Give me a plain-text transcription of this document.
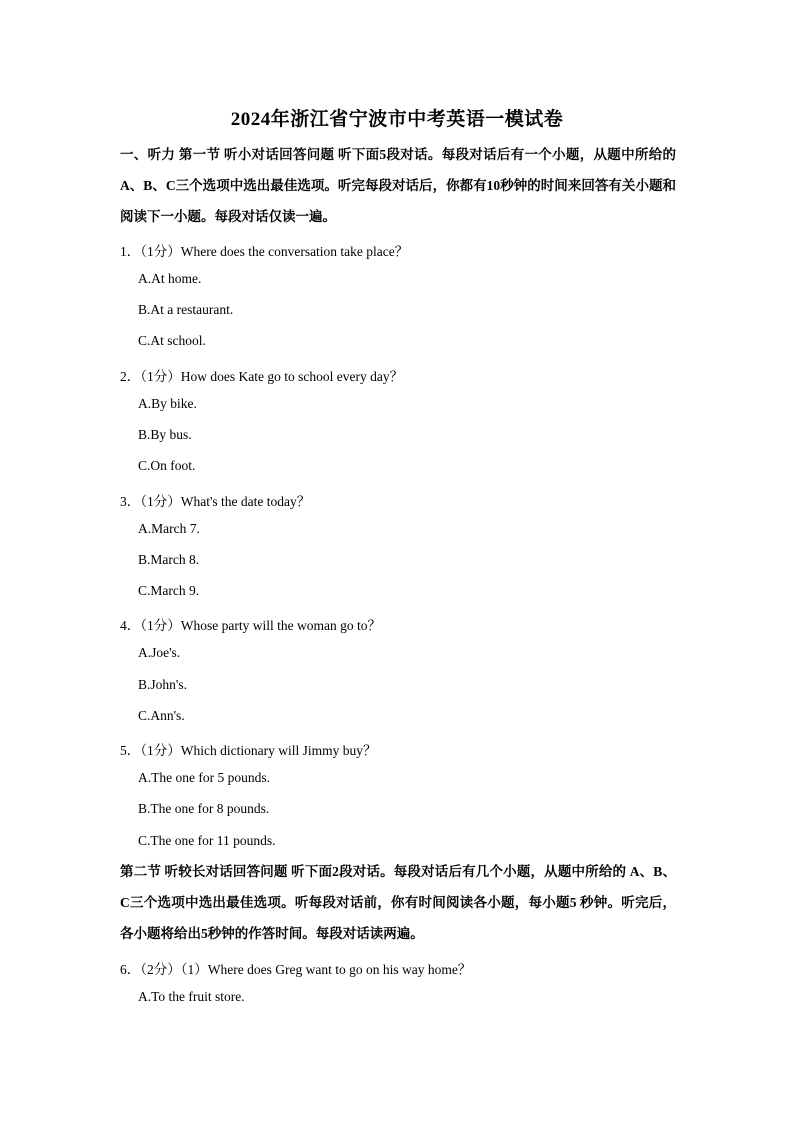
2024年浙江省宁波市中考英语一模试卷
一、听力 第一节 听小对话回答问题 听下面5段对话。每段对话后有一个小题，从题中所给的 A、B、C三个选项中选出最佳选项。听完每段对话后，你都有10秒钟的时间来回答有关小题和阅读下一小题。每段对话仅读一遍。
1．（1分）Where does the conversation take place？
A.At home.
B.At a restaurant.
C.At school.
2．（1分）How does Kate go to school every day？
A.By bike.
B.By bus.
C.On foot.
3．（1分）What's the date today？
A.March 7.
B.March 8.
C.March 9.
4．（1分）Whose party will the woman go to？
A.Joe's.
B.John's.
C.Ann's.
5．（1分）Which dictionary will Jimmy buy？
A.The one for 5 pounds.
B.The one for 8 pounds.
C.The one for 11 pounds.
第二节 听较长对话回答问题 听下面2段对话。每段对话后有几个小题，从题中所给的 A、B、C三个选项中选出最佳选项。听每段对话前，你有时间阅读各小题，每小题5 秒钟。听完后，各小题将给出5秒钟的作答时间。每段对话读两遍。
6．（2分）（1）Where does Greg want to go on his way home？
A.To the fruit store.
